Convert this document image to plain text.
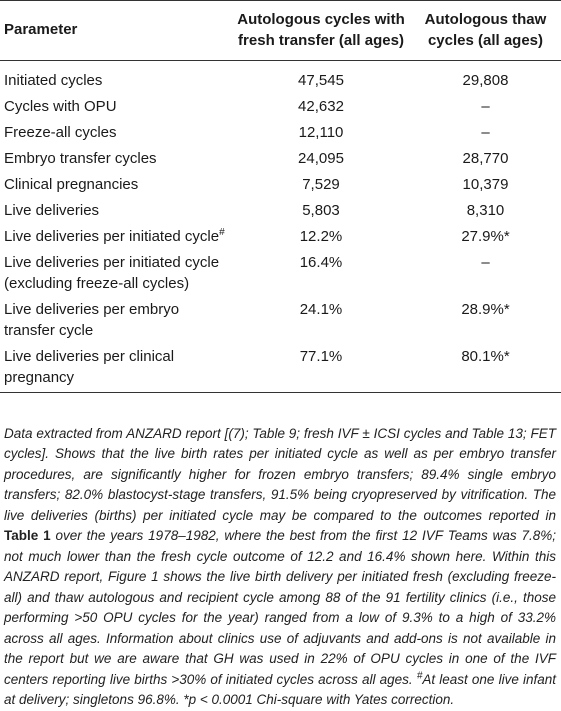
Parameter	Autologous cycles with fresh transfer (all ages)	Autologous thaw cycles (all ages)
Initiated cycles	47,545	29,808
Cycles with OPU	42,632	–
Freeze-all cycles	12,110	–
Embryo transfer cycles	24,095	28,770
Clinical pregnancies	7,529	10,379
Live deliveries	5,803	8,310
Live deliveries per initiated cycle#	12.2%	27.9%*
Live deliveries per initiated cycle (excluding freeze-all cycles)	16.4%	–
Live deliveries per embryo transfer cycle	24.1%	28.9%*
Live deliveries per clinical pregnancy	77.1%	80.1%*

Data extracted from ANZARD report [(7); Table 9; fresh IVF ± ICSI cycles and Table 13; FET cycles]. Shows that the live birth rates per initiated cycle as well as per embryo transfer procedures, are significantly higher for frozen embryo transfers; 89.4% single embryo transfers; 82.0% blastocyst-stage transfers, 91.5% being cryopreserved by vitrification. The live deliveries (births) per initiated cycle may be compared to the outcomes reported in Table 1 over the years 1978–1982, where the best from the first 12 IVF Teams was 7.8%; not much lower than the fresh cycle outcome of 12.2 and 16.4% shown here. Within this ANZARD report, Figure 1 shows the live birth delivery per initiated fresh (excluding freeze-all) and thaw autologous and recipient cycle among 88 of the 91 fertility clinics (i.e., those performing >50 OPU cycles for the year) ranged from a low of 9.3% to a high of 33.2% across all ages. Information about clinics use of adjuvants and add-ons is not available in the report but we are aware that GH was used in 22% of OPU cycles in one of the IVF centers reporting live births >30% of initiated cycles across all ages. #At least one live infant at delivery; singletons 96.8%. *p < 0.0001 Chi-square with Yates correction.
